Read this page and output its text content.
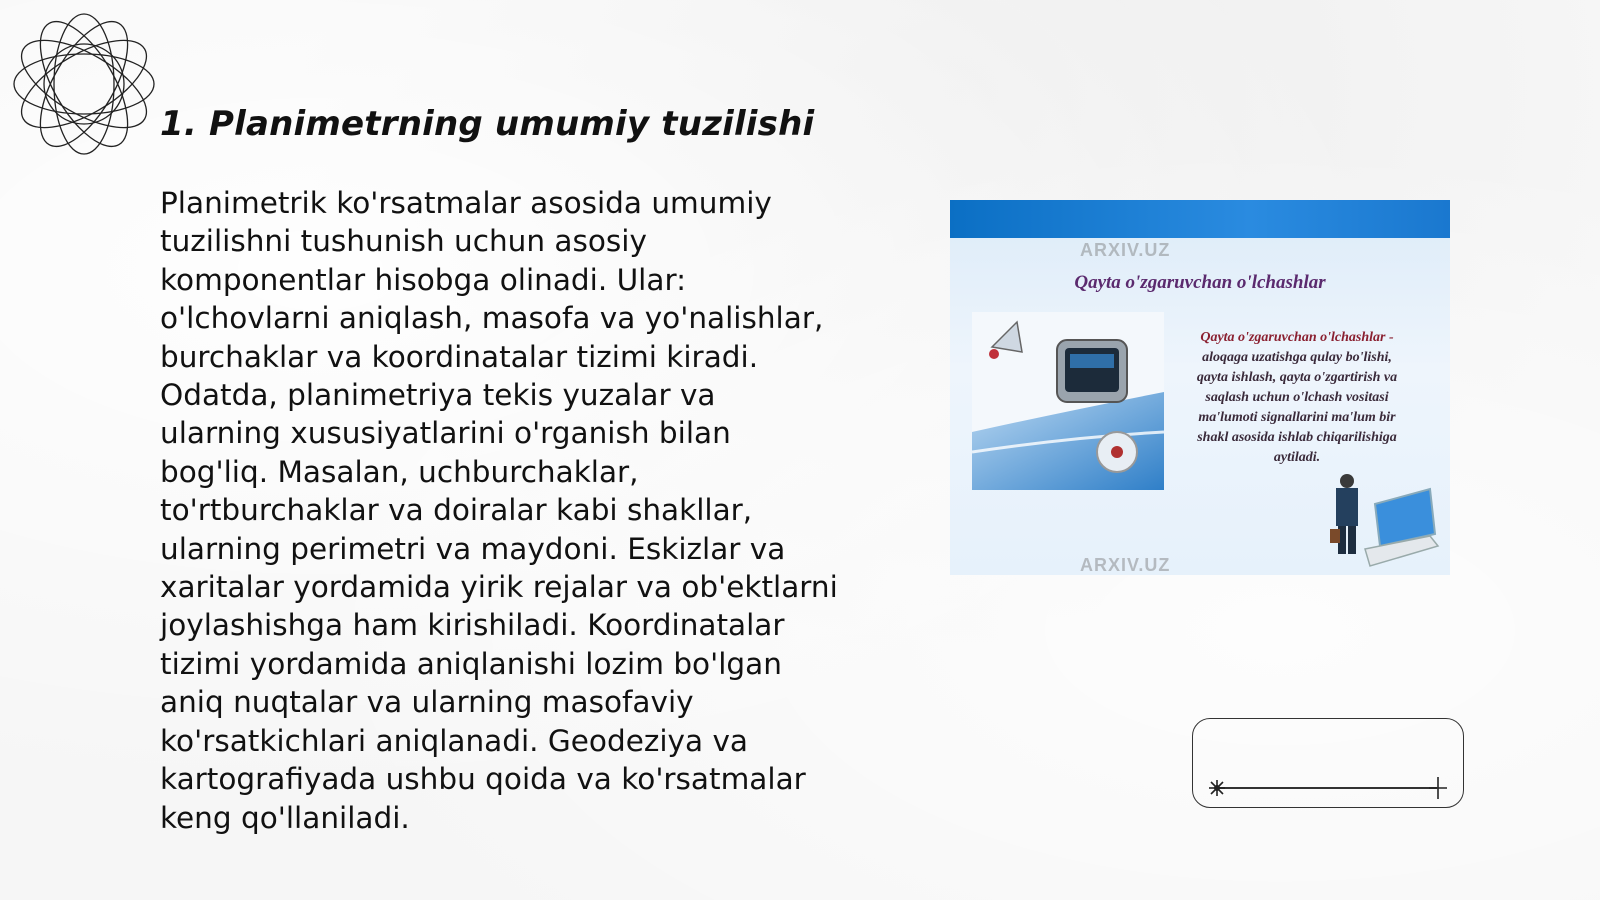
1. Planimetrning umumiy tuzilishi
Planimetrik ko'rsatmalar asosida umumiy
tuzilishni tushunish uchun asosiy
komponentlar hisobga olinadi. Ular:
o'lchovlarni aniqlash, masofa va yo'nalishlar,
burchaklar va koordinatalar tizimi kiradi.
Odatda, planimetriya tekis yuzalar va
ularning xususiyatlarini o'rganish bilan
bog'liq. Masalan, uchburchaklar,
to'rtburchaklar va doiralar kabi shakllar,
ularning perimetri va maydoni. Eskizlar va
xaritalar yordamida yirik rejalar va ob'ektlarni
joylashishga ham kirishiladi. Koordinatalar
tizimi yordamida aniqlanishi lozim bo'lgan
aniq nuqtalar va ularning masofaviy
ko'rsatkichlari aniqlanadi. Geodeziya va
kartografiyada ushbu qoida va ko'rsatmalar
keng qo'llaniladi.
ARXIV.UZ
ARXIV.UZ
Qayta o'zgaruvchan o'lchashlar
Qayta o'zgaruvchan o'lchashlar -
aloqaga uzatishga qulay bo'lishi,
qayta ishlash, qayta o'zgartirish va
saqlash uchun o'lchash vositasi
ma'lumoti signallarini ma'lum bir
shakl asosida ishlab chiqarilishiga
aytiladi.
